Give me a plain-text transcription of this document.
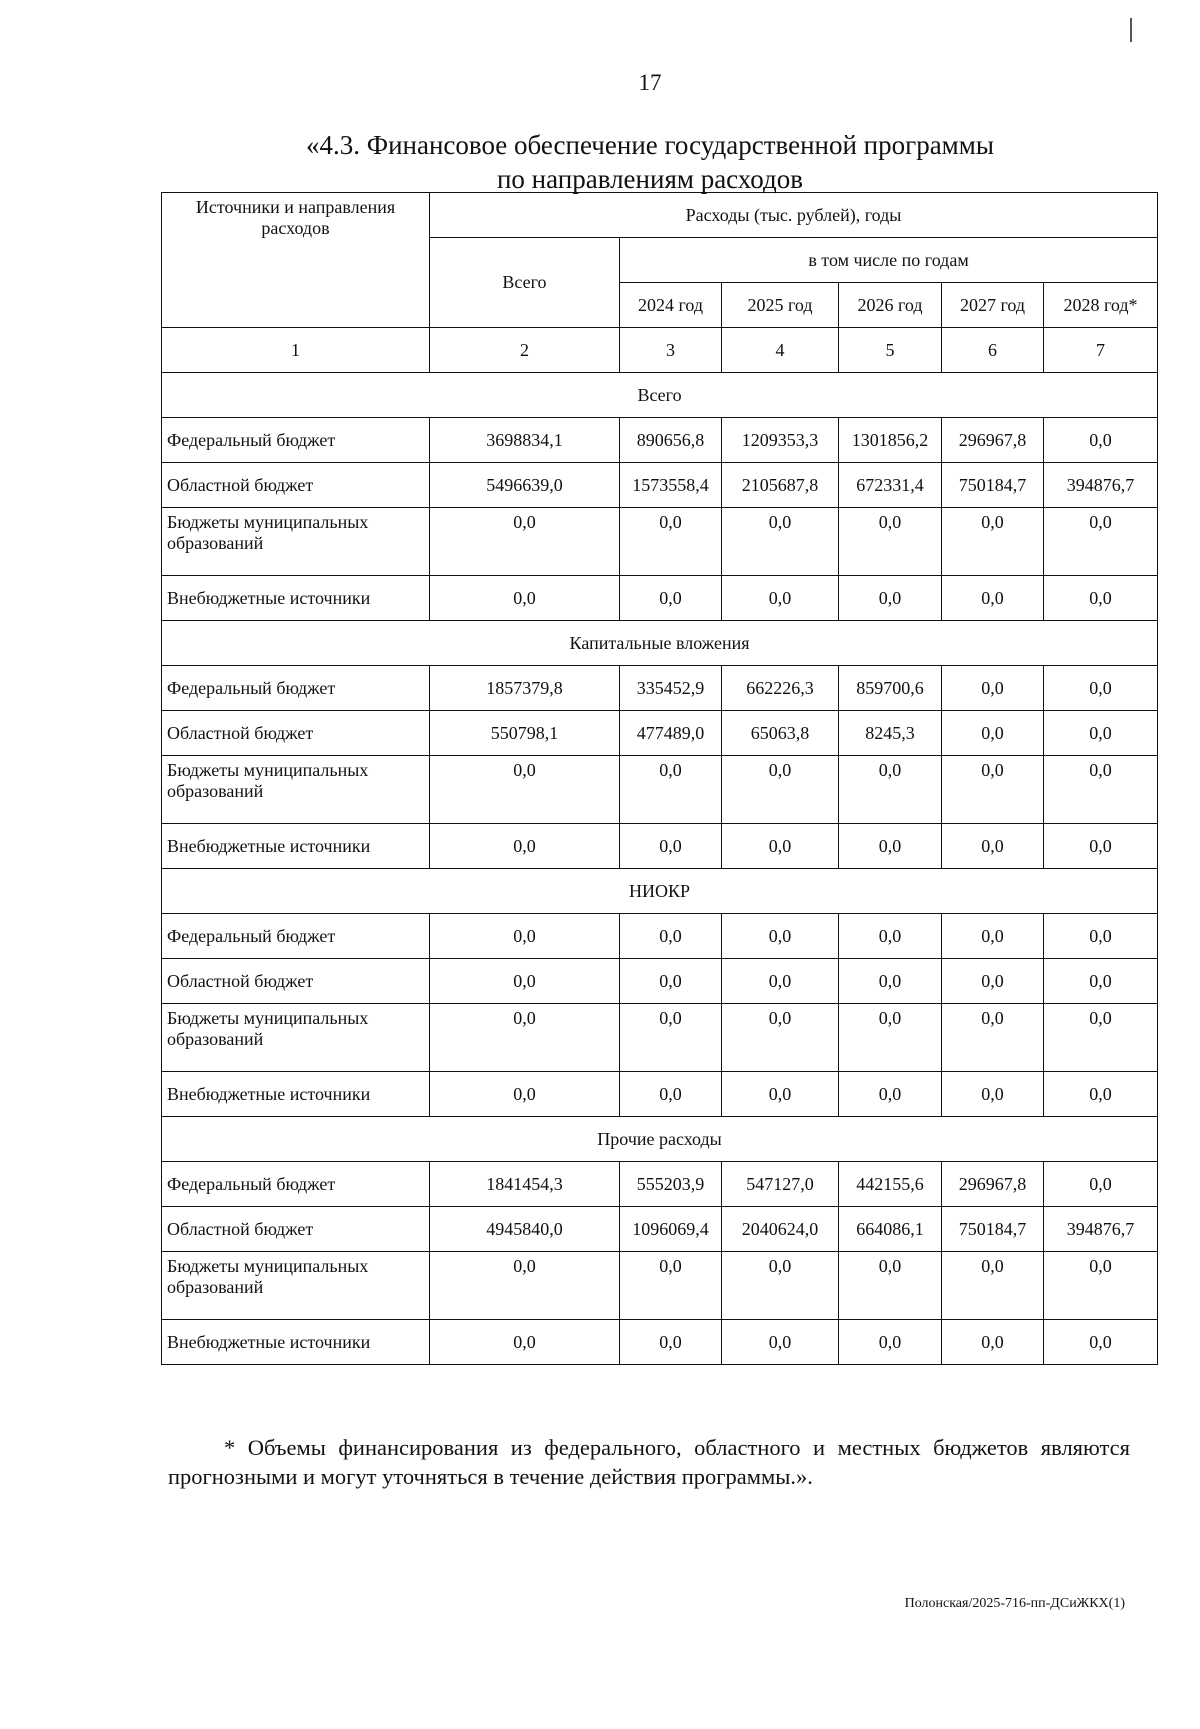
17
«4.3. Финансовое обеспечение государственной программы
по направлениям расходов
Источники и направления расходов	Расходы (тыс. рублей), годы					
	Всего	в том числе по годам				
		2024 год	2025 год	2026 год	2027 год	2028 год*
1	2	3	4	5	6	7
Всего						
Федеральный бюджет	3698834,1	890656,8	1209353,3	1301856,2	296967,8	0,0
Областной бюджет	5496639,0	1573558,4	2105687,8	672331,4	750184,7	394876,7
Бюджеты муниципальных образований	0,0	0,0	0,0	0,0	0,0	0,0
Внебюджетные источники	0,0	0,0	0,0	0,0	0,0	0,0
Капитальные вложения						
Федеральный бюджет	1857379,8	335452,9	662226,3	859700,6	0,0	0,0
Областной бюджет	550798,1	477489,0	65063,8	8245,3	0,0	0,0
Бюджеты муниципальных образований	0,0	0,0	0,0	0,0	0,0	0,0
Внебюджетные источники	0,0	0,0	0,0	0,0	0,0	0,0
НИОКР						
Федеральный бюджет	0,0	0,0	0,0	0,0	0,0	0,0
Областной бюджет	0,0	0,0	0,0	0,0	0,0	0,0
Бюджеты муниципальных образований	0,0	0,0	0,0	0,0	0,0	0,0
Внебюджетные источники	0,0	0,0	0,0	0,0	0,0	0,0
Прочие расходы						
Федеральный бюджет	1841454,3	555203,9	547127,0	442155,6	296967,8	0,0
Областной бюджет	4945840,0	1096069,4	2040624,0	664086,1	750184,7	394876,7
Бюджеты муниципальных образований	0,0	0,0	0,0	0,0	0,0	0,0
Внебюджетные источники	0,0	0,0	0,0	0,0	0,0	0,0
* Объемы финансирования из федерального, областного и местных бюджетов являются прогнозными и могут уточняться в течение действия программы.».
Полонская/2025-716-пп-ДСиЖКХ(1)
